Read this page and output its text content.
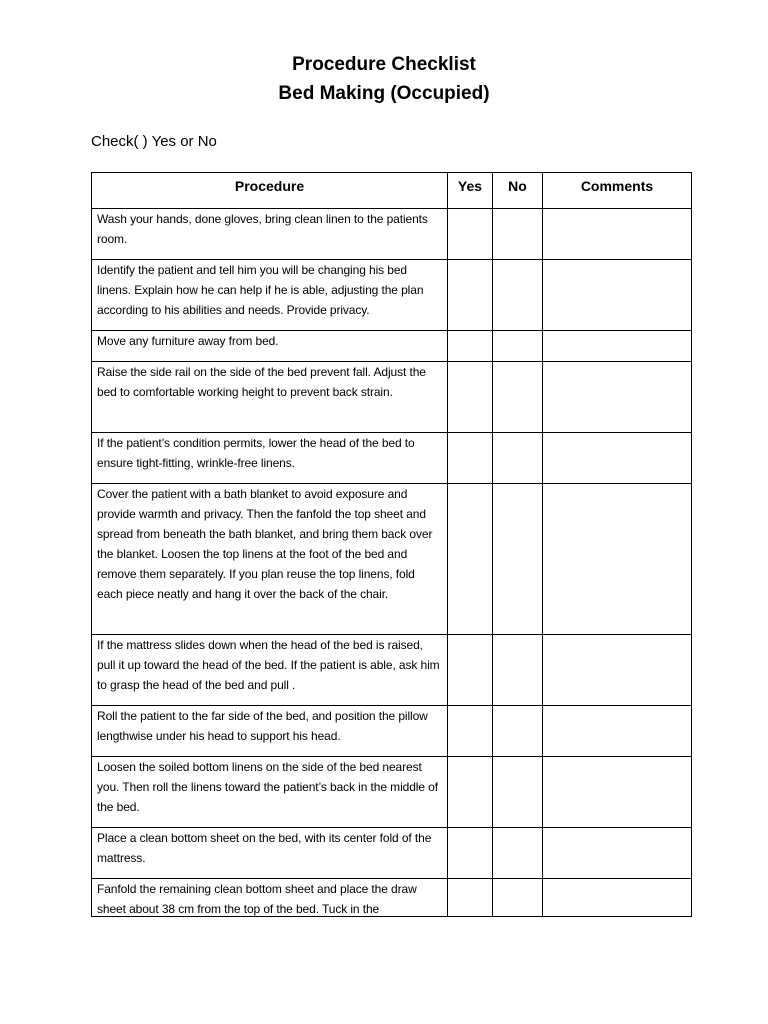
Procedure Checklist
Bed Making (Occupied)
Check( ) Yes or No
Procedure	Yes	No	Comments

Wash your hands, done gloves, bring clean linen to the patients room.			

Identify the patient and tell him you will be changing his bed linens. Explain how he can help if he is able, adjusting the plan according to his abilities and needs. Provide privacy.			

Move any furniture away from bed.			

Raise the side rail on the side of the bed prevent fall. Adjust the bed to comfortable working height to prevent back strain.			

If the patient’s condition permits, lower the head of the bed to ensure tight-fitting, wrinkle-free linens.			

Cover the patient with a bath blanket to avoid exposure and provide warmth and privacy. Then the fanfold the top sheet and spread from beneath the bath blanket, and bring them back over the blanket. Loosen the top linens at the foot of the bed and remove them separately. If you plan reuse the top linens, fold each piece neatly and hang it over the back of the chair.			

If the mattress slides down when the head of the bed is raised, pull it up toward the head of the bed. If the patient is able, ask him to grasp the head of the bed and pull .			

Roll the patient to the far side of the bed, and position the pillow lengthwise under his head to support his head.			

Loosen the soiled bottom linens on the side of the bed nearest you. Then roll the linens toward the patient’s back in the middle of the bed.			

Place a clean bottom sheet on the bed, with its center fold of the mattress.			

Fanfold the remaining clean bottom sheet and place the draw sheet about 38 cm from the top of the bed. Tuck in the			
